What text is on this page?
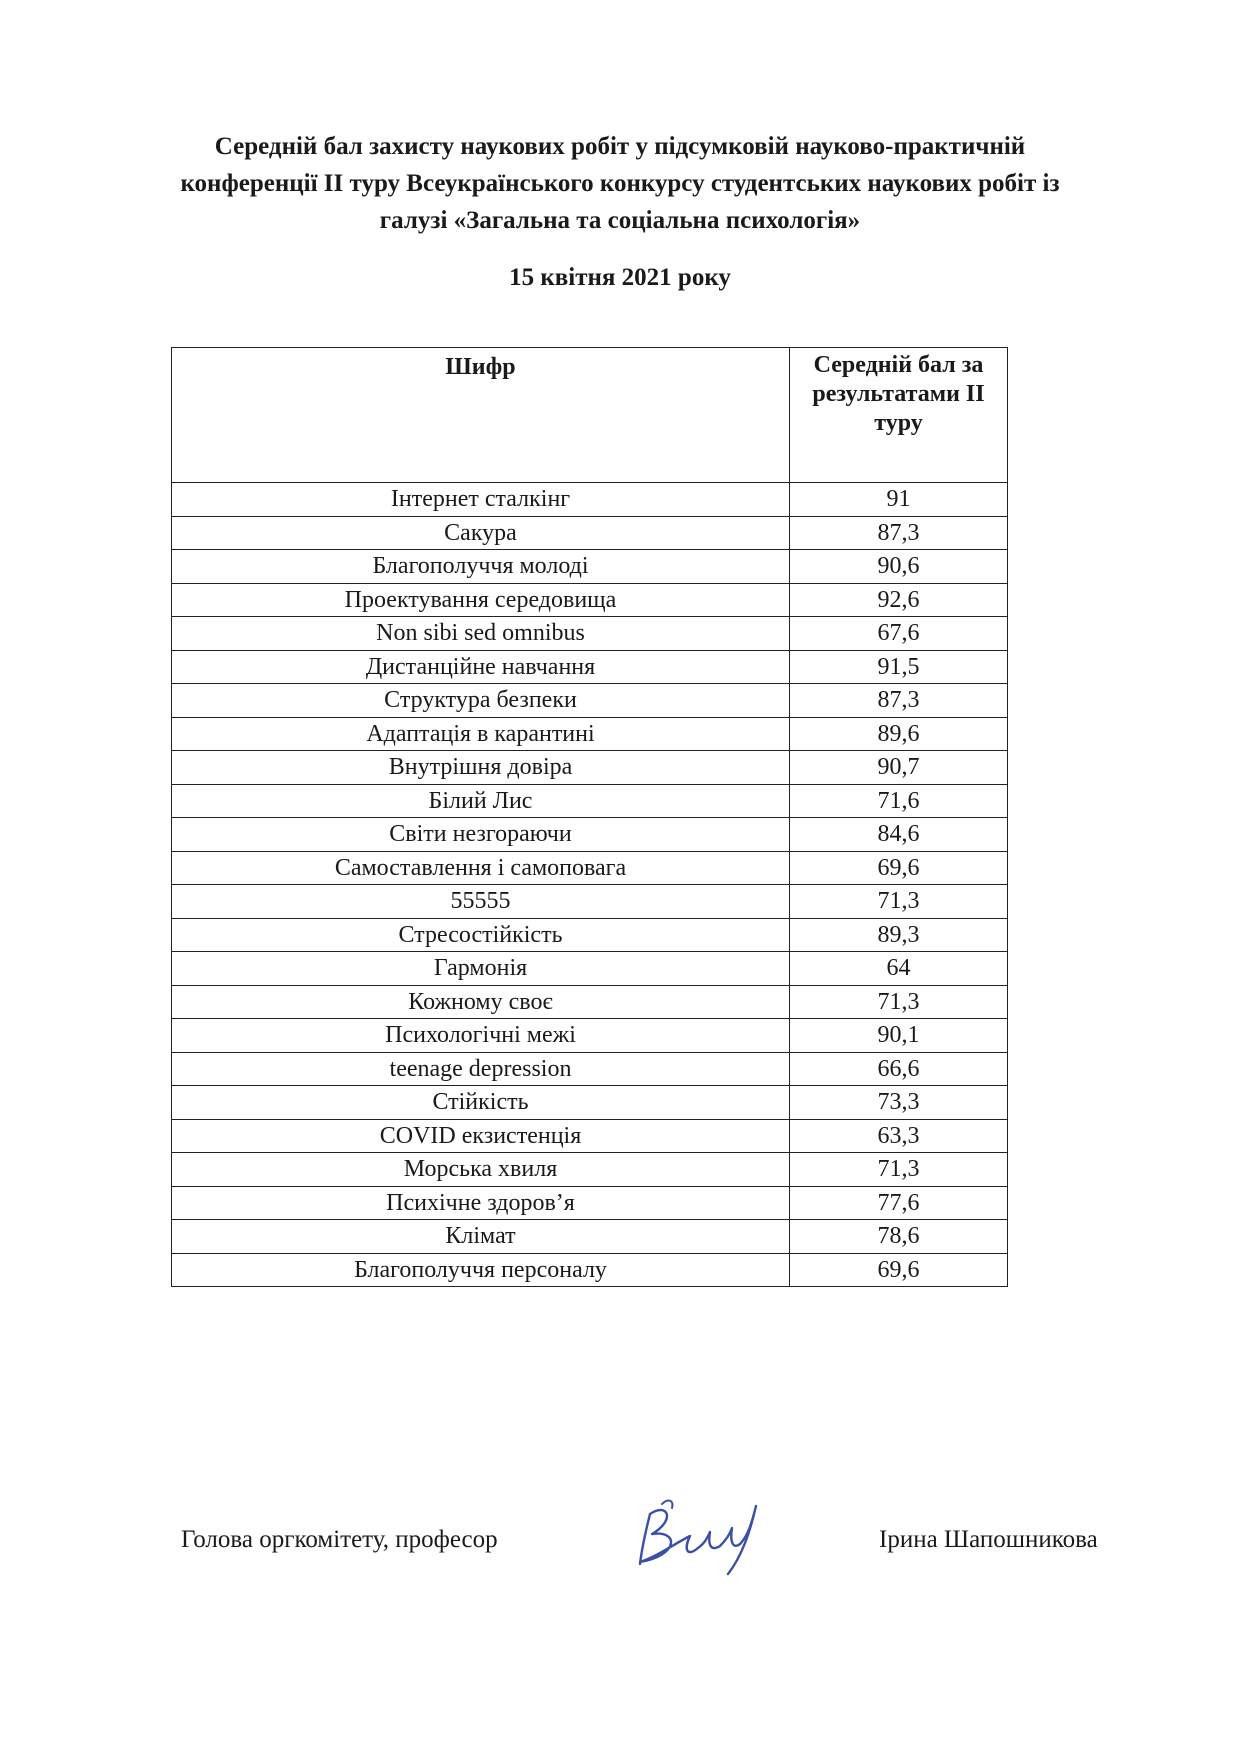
Середній бал захисту наукових робіт у підсумковій науково-практичній конференції ІІ туру Всеукраїнського конкурсу студентських наукових робіт із галузі «Загальна та соціальна психологія»
15 квітня 2021 року
Шифр	Середній бал за результатами ІІ туру
Інтернет сталкінг	91
Сакура	87,3
Благополуччя молоді	90,6
Проектування середовища	92,6
Non sibi sed omnibus	67,6
Дистанційне навчання	91,5
Структура безпеки	87,3
Адаптація в карантині	89,6
Внутрішня довіра	90,7
Білий Лис	71,6
Світи незгораючи	84,6
Самоставлення і самоповага	69,6
55555	71,3
Стресостійкість	89,3
Гармонія	64
Кожному своє	71,3
Психологічні межі	90,1
teenage depression	66,6
Стійкість	73,3
COVID екзистенція	63,3
Морська хвиля	71,3
Психічне здоров’я	77,6
Клімат	78,6
Благополуччя персоналу	69,6
Голова оргкомітету, професор	Ірина Шапошникова
